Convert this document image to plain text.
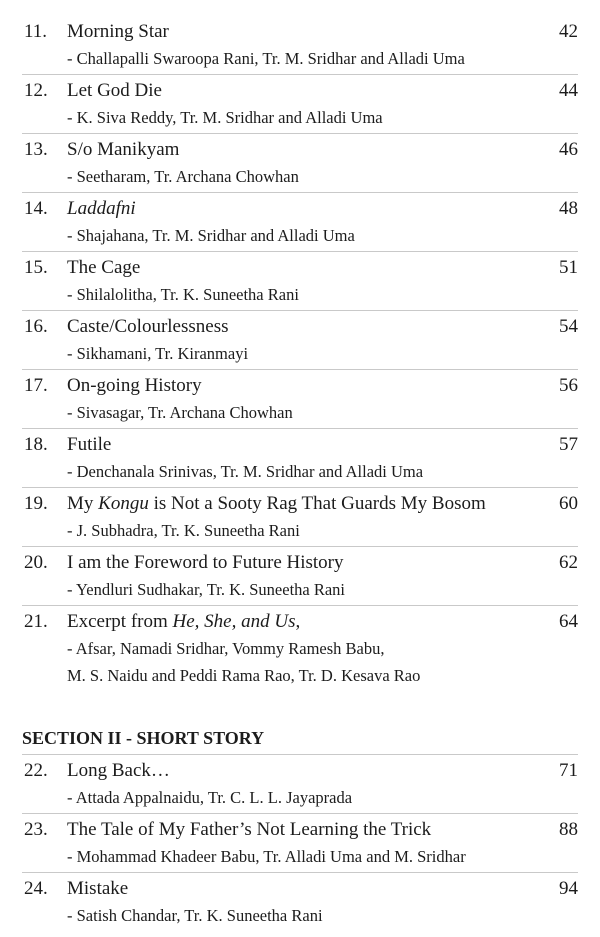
11. Morning Star	42
- Challapalli Swaroopa Rani, Tr. M. Sridhar and Alladi Uma
12. Let God Die	44
- K. Siva Reddy, Tr. M. Sridhar and Alladi Uma
13. S/o Manikyam	46
- Seetharam, Tr. Archana Chowhan
14. Laddafni	48
- Shajahana, Tr. M. Sridhar and Alladi Uma
15. The Cage	51
- Shilalolitha, Tr. K. Suneetha Rani
16. Caste/Colourlessness	54
- Sikhamani, Tr. Kiranmayi
17. On-going History	56
- Sivasagar, Tr. Archana Chowhan
18. Futile	57
- Denchanala Srinivas, Tr. M. Sridhar and Alladi Uma
19. My Kongu is Not a Sooty Rag That Guards My Bosom	60
- J. Subhadra, Tr. K. Suneetha Rani
20. I am the Foreword to Future History	62
- Yendluri Sudhakar, Tr. K. Suneetha Rani
21. Excerpt from He, She, and Us,	64
- Afsar, Namadi Sridhar, Vommy Ramesh Babu,
M. S. Naidu and Peddi Rama Rao, Tr. D. Kesava Rao
SECTION II - SHORT STORY
22. Long Back…	71
- Attada Appalnaidu, Tr. C. L. L. Jayaprada
23. The Tale of My Father’s Not Learning the Trick	88
- Mohammad Khadeer Babu, Tr. Alladi Uma and M. Sridhar
24. Mistake	94
- Satish Chandar, Tr. K. Suneetha Rani
